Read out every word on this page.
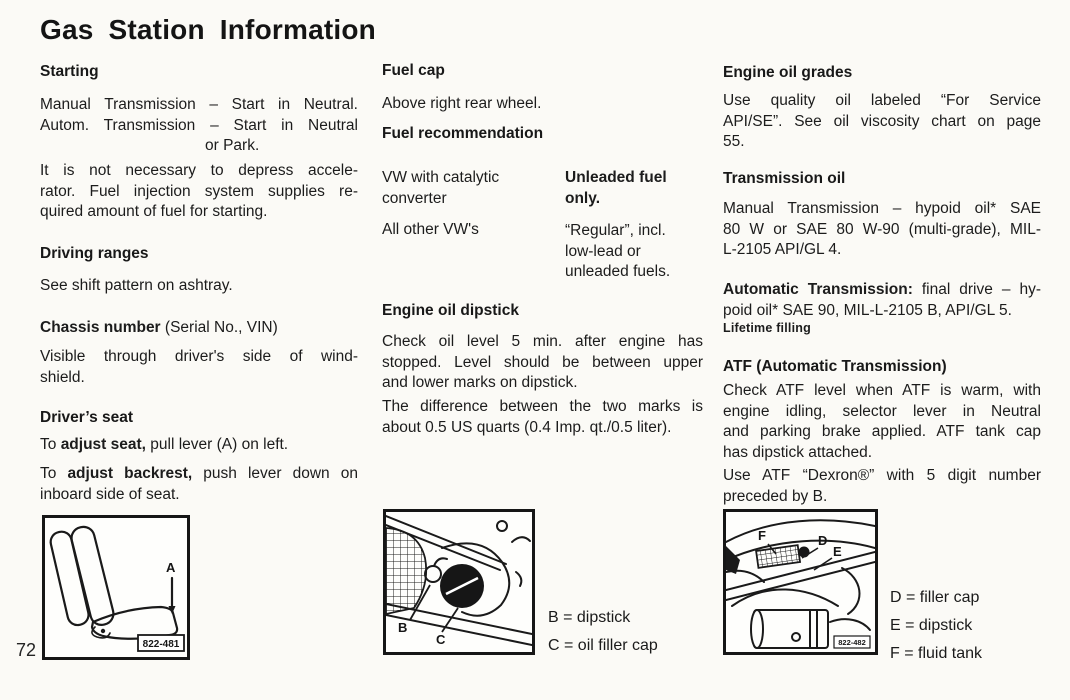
Gas Station Information
Starting
Manual Transmission – Start in Neutral.
Autom. Transmission – Start in Neutral
or Park.
It is not necessary to depress accele-
rator. Fuel injection system supplies re-
quired amount of fuel for starting.
Driving ranges
See shift pattern on ashtray.
Chassis number (Serial No., VIN)
Visible through driver's side of wind-
shield.
Driver’s seat
To adjust seat, pull lever (A) on left.
To adjust backrest, push lever down on
inboard side of seat.
A
822-481
Fuel cap
Above right rear wheel.
Fuel recommendation
VW with catalytic
converter
Unleaded fuel
only.
All other VW's	“Regular”, incl.
low-lead or
unleaded fuels.
Engine oil dipstick
Check oil level 5 min. after engine has
stopped. Level should be between upper
and lower marks on dipstick.
The difference between the two marks is
about 0.5 US quarts (0.4 Imp. qt./0.5 liter).
B
C
B = dipstick
C = oil filler cap
Engine oil grades
Use quality oil labeled “For Service
API/SE”. See oil viscosity chart on page
55.
Transmission oil
Manual Transmission – hypoid oil* SAE
80 W or SAE 80 W-90 (multi-grade), MIL-
L-2105 API/GL 4.
Automatic Transmission: final drive – hy-
poid oil* SAE 90, MIL-L-2105 B, API/GL 5.
Lifetime filling
ATF (Automatic Transmission)
Check ATF level when ATF is warm, with
engine idling, selector lever in Neutral
and parking brake applied. ATF tank cap
has dipstick attached.
Use ATF “Dexron®” with 5 digit number
preceded by B.
F	D
E
822-482
D = filler cap
E = dipstick
F = fluid tank
72
